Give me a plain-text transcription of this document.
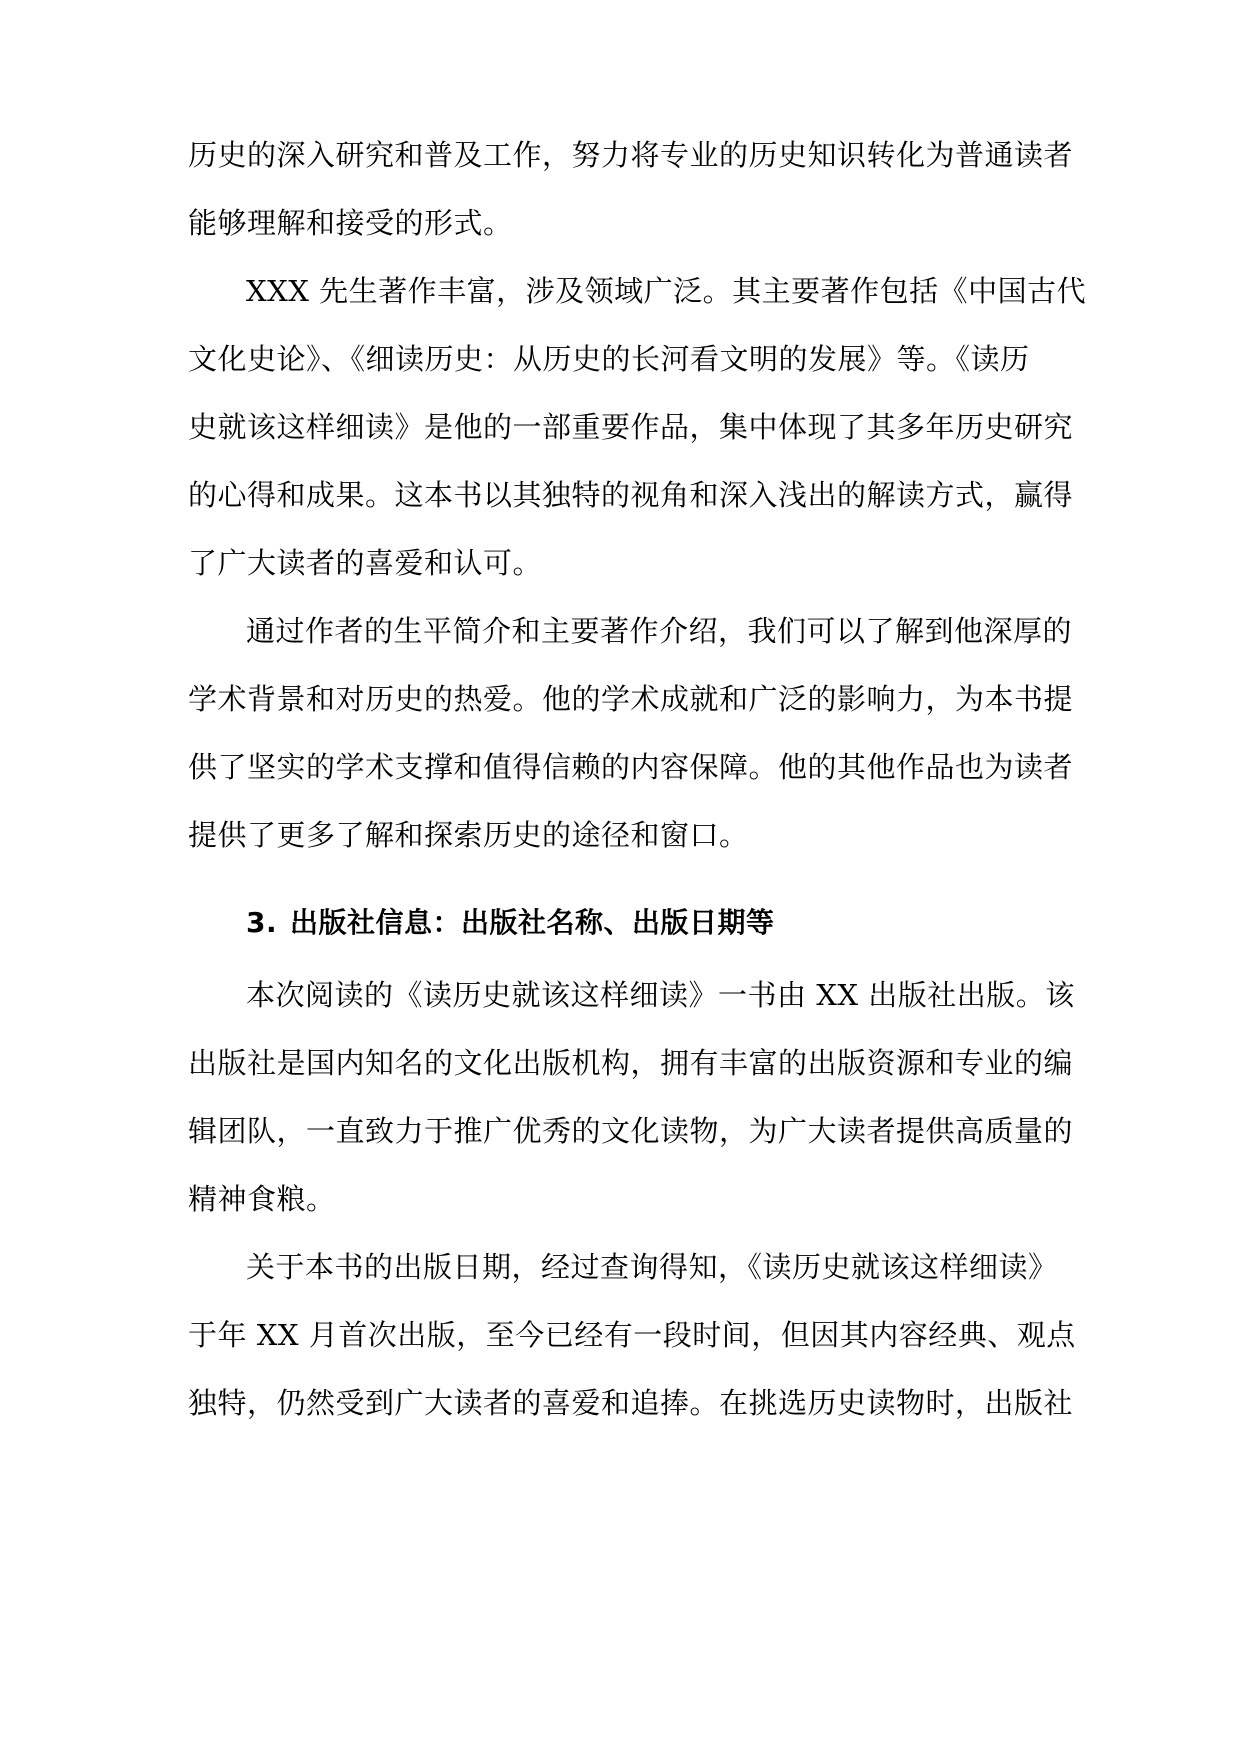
历史的深入研究和普及工作，努力将专业的历史知识转化为普通读者
能够理解和接受的形式。
XXX 先生著作丰富，涉及领域广泛。其主要著作包括《中国古代
文化史论》、《细读历史：从历史的长河看文明的发展》等。《读历
史就该这样细读》是他的一部重要作品，集中体现了其多年历史研究
的心得和成果。这本书以其独特的视角和深入浅出的解读方式，赢得
了广大读者的喜爱和认可。
通过作者的生平简介和主要著作介绍，我们可以了解到他深厚的
学术背景和对历史的热爱。他的学术成就和广泛的影响力，为本书提
供了坚实的学术支撑和值得信赖的内容保障。他的其他作品也为读者
提供了更多了解和探索历史的途径和窗口。
3. 出版社信息：出版社名称、出版日期等
本次阅读的《读历史就该这样细读》一书由 XX 出版社出版。该
出版社是国内知名的文化出版机构，拥有丰富的出版资源和专业的编
辑团队，一直致力于推广优秀的文化读物，为广大读者提供高质量的
精神食粮。
关于本书的出版日期，经过查询得知，《读历史就该这样细读》
于年 XX 月首次出版，至今已经有一段时间，但因其内容经典、观点
独特，仍然受到广大读者的喜爱和追捧。在挑选历史读物时，出版社
